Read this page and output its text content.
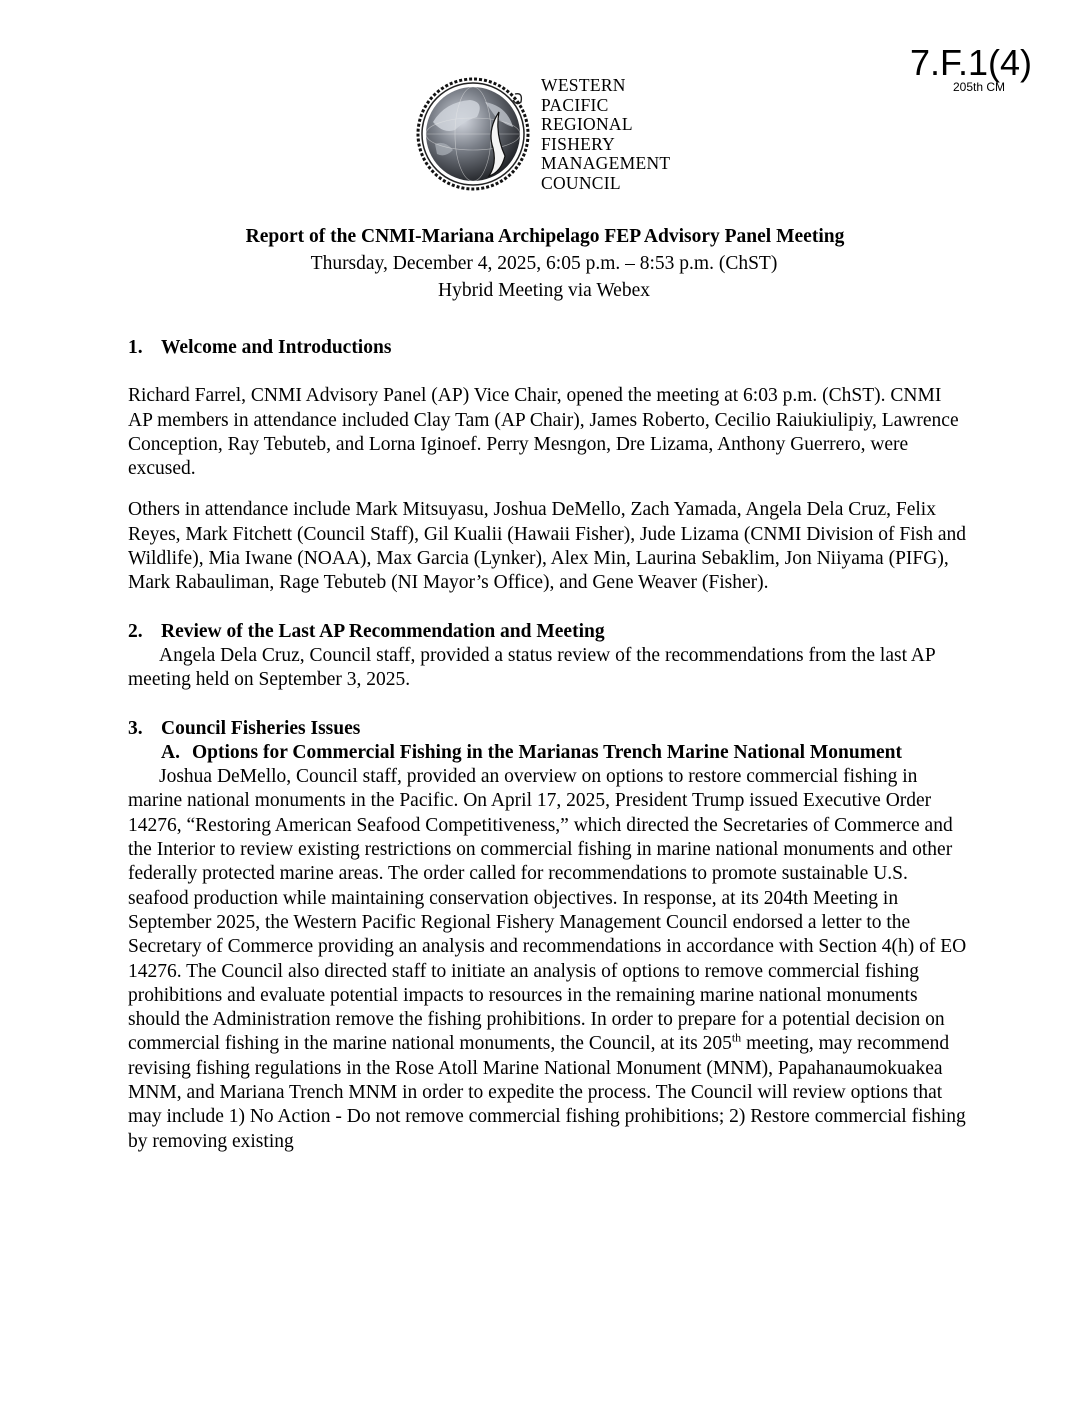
7.F.1(4)
205th CM
WESTERN
PACIFIC
REGIONAL
FISHERY
MANAGEMENT
COUNCIL
Report of the CNMI-Mariana Archipelago FEP Advisory Panel Meeting
Thursday, December 4, 2025, 6:05 p.m. – 8:53 p.m. (ChST)
Hybrid Meeting via Webex
1. Welcome and Introductions

Richard Farrel, CNMI Advisory Panel (AP) Vice Chair, opened the meeting at 6:03 p.m. (ChST). CNMI AP members in attendance included Clay Tam (AP Chair), James Roberto, Cecilio Raiukiulipiy, Lawrence Conception, Ray Tebuteb, and Lorna Iginoef. Perry Mesngon, Dre Lizama, Anthony Guerrero, were excused.

Others in attendance include Mark Mitsuyasu, Joshua DeMello, Zach Yamada, Angela Dela Cruz, Felix Reyes, Mark Fitchett (Council Staff), Gil Kualii (Hawaii Fisher), Jude Lizama (CNMI Division of Fish and Wildlife), Mia Iwane (NOAA), Max Garcia (Lynker), Alex Min, Laurina Sebaklim, Jon Niiyama (PIFG), Mark Rabauliman, Rage Tebuteb (NI Mayor’s Office), and Gene Weaver (Fisher).

2. Review of the Last AP Recommendation and Meeting

Angela Dela Cruz, Council staff, provided a status review of the recommendations from the last AP meeting held on September 3, 2025.

3. Council Fisheries Issues
A. Options for Commercial Fishing in the Marianas Trench Marine National Monument

Joshua DeMello, Council staff, provided an overview on options to restore commercial fishing in marine national monuments in the Pacific. On April 17, 2025, President Trump issued Executive Order 14276, “Restoring American Seafood Competitiveness,” which directed the Secretaries of Commerce and the Interior to review existing restrictions on commercial fishing in marine national monuments and other federally protected marine areas. The order called for recommendations to promote sustainable U.S. seafood production while maintaining conservation objectives. In response, at its 204th Meeting in September 2025, the Western Pacific Regional Fishery Management Council endorsed a letter to the Secretary of Commerce providing an analysis and recommendations in accordance with Section 4(h) of EO 14276. The Council also directed staff to initiate an analysis of options to remove commercial fishing prohibitions and evaluate potential impacts to resources in the remaining marine national monuments should the Administration remove the fishing prohibitions. In order to prepare for a potential decision on commercial fishing in the marine national monuments, the Council, at its 205th meeting, may recommend revising fishing regulations in the Rose Atoll Marine National Monument (MNM), Papahanaumokuakea MNM, and Mariana Trench MNM in order to expedite the process. The Council will review options that may include 1) No Action - Do not remove commercial fishing prohibitions; 2) Restore commercial fishing by removing existing
